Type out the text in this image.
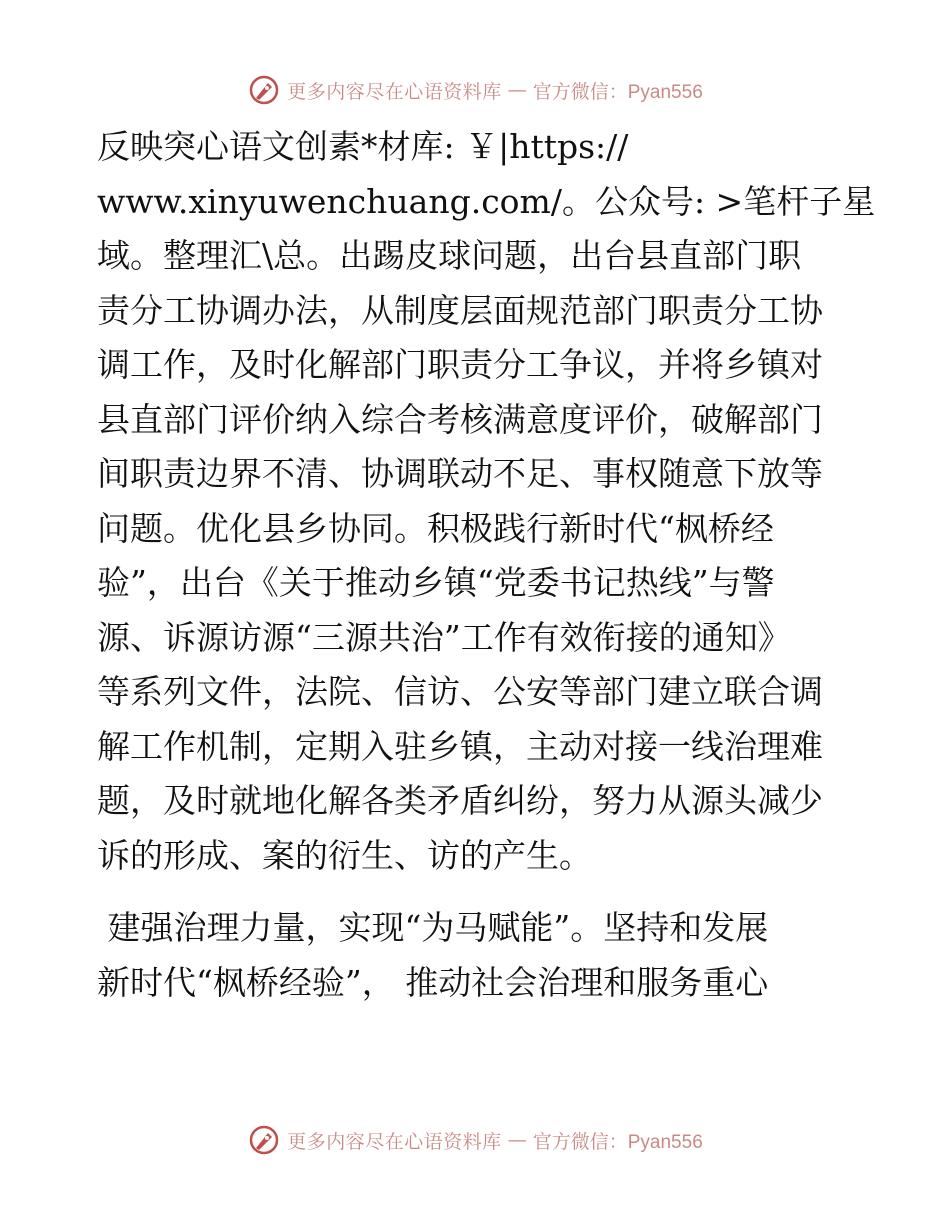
更多内容尽在心语资料库 — 官方微信：Pyan556
反映突心语文创素*材库: ￥|https://
www.xinyuwenchuang.com/。公众号: >笔杆子星
域。整理汇\总。出踢皮球问题，出台县直部门职
责分工协调办法，从制度层面规范部门职责分工协
调工作，及时化解部门职责分工争议，并将乡镇对
县直部门评价纳入综合考核满意度评价，破解部门
间职责边界不清、协调联动不足、事权随意下放等
问题。优化县乡协同。积极践行新时代“枫桥经
验”，出台《关于推动乡镇“党委书记热线”与警
源、诉源访源“三源共治”工作有效衔接的通知》
等系列文件，法院、信访、公安等部门建立联合调
解工作机制，定期入驻乡镇，主动对接一线治理难
题，及时就地化解各类矛盾纠纷，努力从源头减少
诉的形成、案的衍生、访的产生。
建强治理力量，实现“为马赋能”。坚持和发展
新时代“枫桥经验”， 推动社会治理和服务重心
更多内容尽在心语资料库 — 官方微信：Pyan556
